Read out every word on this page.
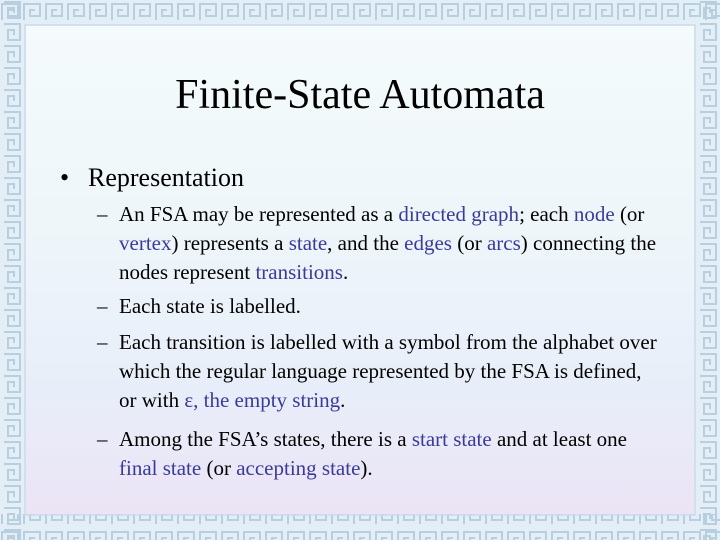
Finite-State Automata
• Representation
– An FSA may be represented as a directed graph; each node (or vertex) represents a state, and the edges (or arcs) connecting the nodes represent transitions.
– Each state is labelled.
– Each transition is labelled with a symbol from the alphabet over which the regular language represented by the FSA is defined, or with ε, the empty string.
– Among the FSA’s states, there is a start state and at least one final state (or accepting state).
